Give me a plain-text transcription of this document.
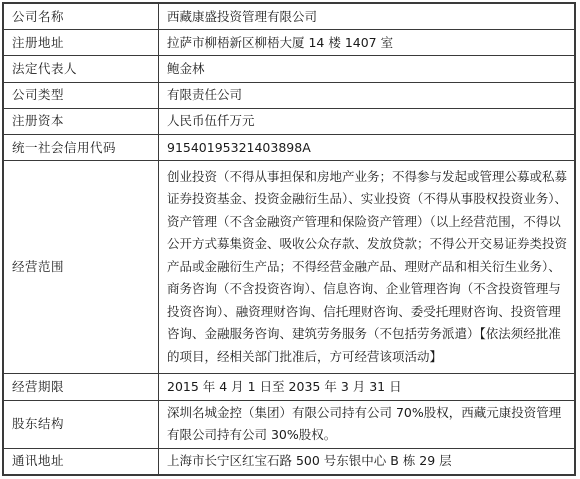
公司名称	西藏康盛投资管理有限公司
注册地址	拉萨市柳梧新区柳梧大厦 14 楼 1407 室
法定代表人	鲍金林
公司类型	有限责任公司
注册资本	人民币伍仟万元
统一社会信用代码	91540195321403898A
经营范围	创业投资（不得从事担保和房地产业务；不得参与发起或管理公募或私募证券投资基金、投资金融衍生品）、实业投资（不得从事股权投资业务）、资产管理（不含金融资产管理和保险资产管理）（以上经营范围，不得以公开方式募集资金、吸收公众存款、发放贷款；不得公开交易证券类投资产品或金融衍生产品；不得经营金融产品、理财产品和相关衍生业务）、商务咨询（不含投资咨询）、信息咨询、企业管理咨询（不含投资管理与投资咨询）、融资理财咨询、信托理财咨询、委受托理财咨询、投资管理咨询、金融服务咨询、建筑劳务服务（不包括劳务派遣）【依法须经批准的项目，经相关部门批准后，方可经营该项活动】
经营期限	2015 年 4 月 1 日至 2035 年 3 月 31 日
股东结构	深圳名城金控（集团）有限公司持有公司 70%股权，西藏元康投资管理有限公司持有公司 30%股权。
通讯地址	上海市长宁区红宝石路 500 号东银中心 B 栋 29 层
